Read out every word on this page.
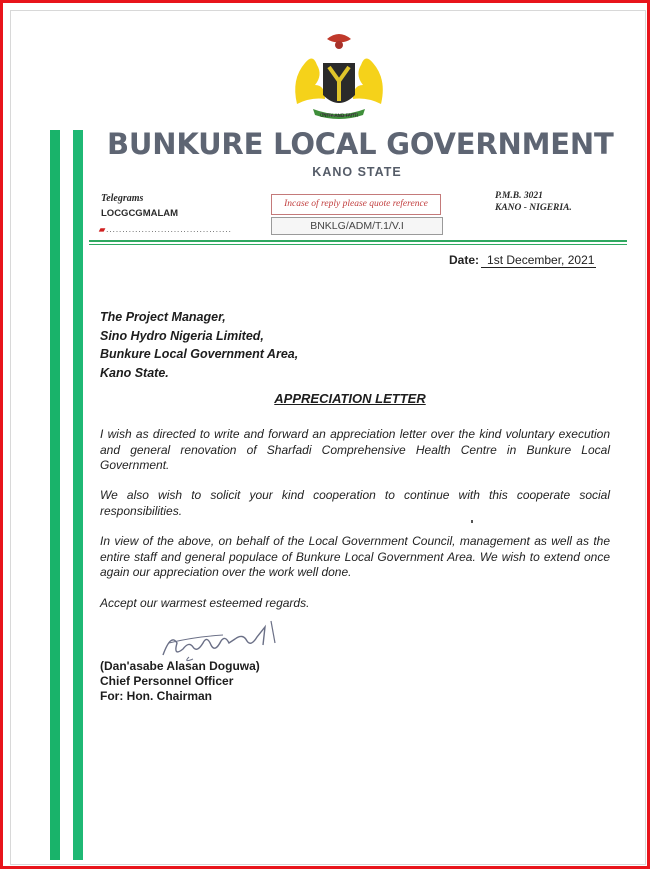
UNITY AND FAITH
BUNKURE LOCAL GOVERNMENT
KANO STATE
Telegrams
LOCGCGMALAM
▰.......................................
P.M.B. 3021
KANO - NIGERIA.
Incase of reply please quote reference
BNKLG/ADM/T.1/V.I
Date: 1st December, 2021
The Project Manager,
Sino Hydro Nigeria Limited,
Bunkure Local Government Area,
Kano State.
APPRECIATION LETTER
I wish as directed to write and forward an appreciation letter over the kind voluntary execution and general renovation of Sharfadi Comprehensive Health Centre in Bunkure Local Government.
We also wish to solicit your kind cooperation to continue with this cooperate social responsibilities.
In view of the above, on behalf of the Local Government Council, management as well as the entire staff and general populace of Bunkure Local Government Area. We wish to extend once again our appreciation over the work well done.
Accept our warmest esteemed regards.
(Dan'asabe Alasan Doguwa)
Chief Personnel Officer
For: Hon. Chairman
